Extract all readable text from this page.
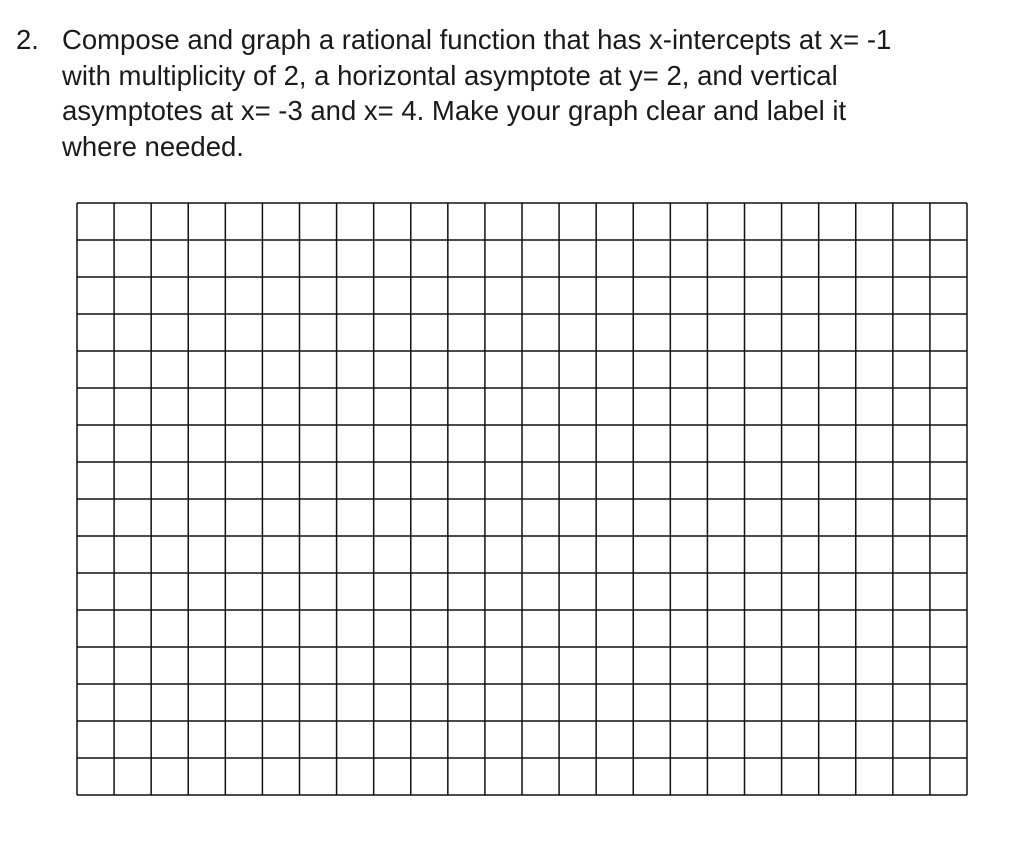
2. Compose and graph a rational function that has x-intercepts at x= -1
with multiplicity of 2, a horizontal asymptote at y= 2, and vertical
asymptotes at x= -3 and x= 4. Make your graph clear and label it
where needed.
